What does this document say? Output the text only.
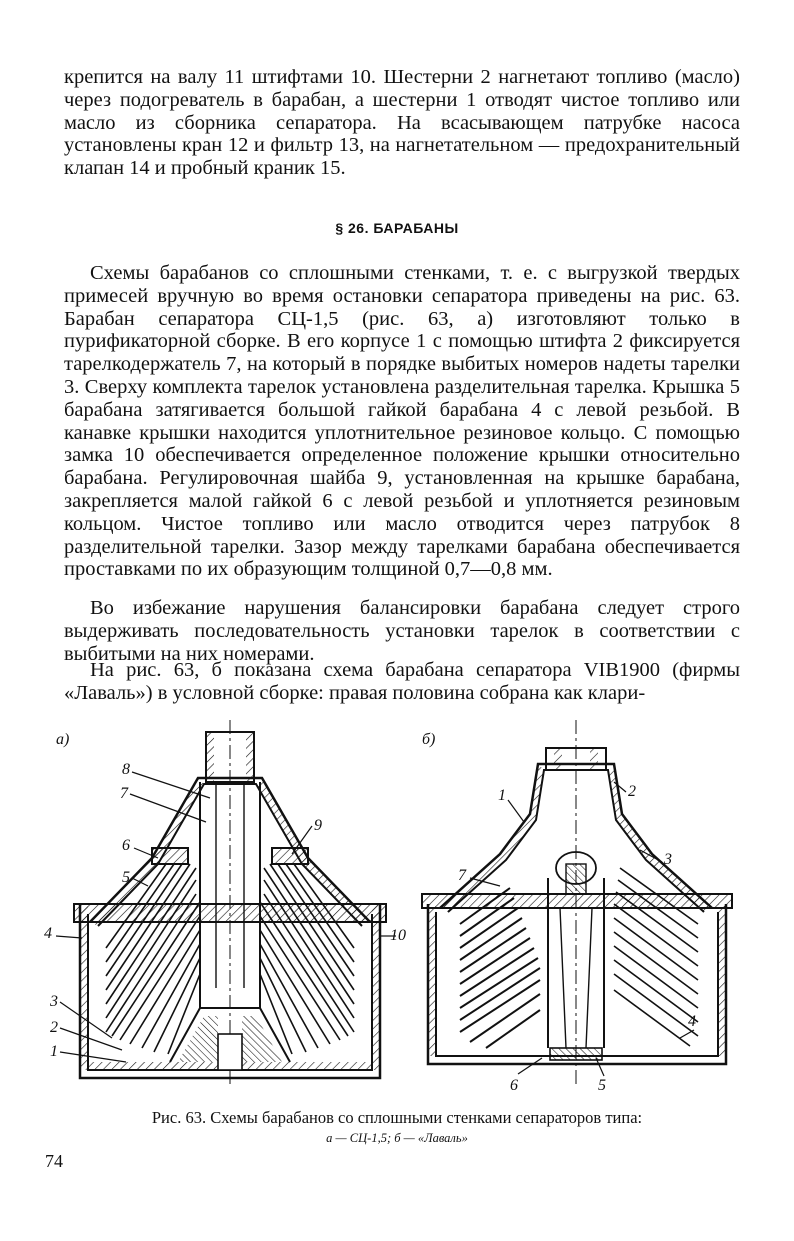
крепится на валу 11 штифтами 10. Шестерни 2 нагнетают топливо (масло) через подогреватель в барабан, а шестерни 1 отводят чистое топливо или масло из сборника сепаратора. На всасывающем патрубке насоса установлены кран 12 и фильтр 13, на нагнетательном — предохранительный клапан 14 и пробный краник 15.

§ 26. БАРАБАНЫ

Схемы барабанов со сплошными стенками, т. е. с выгрузкой твердых примесей вручную во время остановки сепаратора приведены на рис. 63. Барабан сепаратора СЦ-1,5 (рис. 63, а) изготовляют только в пурификаторной сборке. В его корпусе 1 с помощью штифта 2 фиксируется тарелкодержатель 7, на который в порядке выбитых номеров надеты тарелки 3. Сверху комплекта тарелок установлена разделительная тарелка. Крышка 5 барабана затягивается большой гайкой барабана 4 с левой резьбой. В канавке крышки находится уплотнительное резиновое кольцо. С помощью замка 10 обеспечивается определенное положение крышки относительно барабана. Регулировочная шайба 9, установленная на крышке барабана, закрепляется малой гайкой 6 с левой резьбой и уплотняется резиновым кольцом. Чистое топливо или масло отводится через патрубок 8 разделительной тарелки. Зазор между тарелками барабана обеспечивается проставками по их образующим толщиной 0,7—0,8 мм.

Во избежание нарушения балансировки барабана следует строго выдерживать последовательность установки тарелок в соответствии с выбитыми на них номерами.

На рис. 63, б показана схема барабана сепаратора VIB1900 (фирмы «Лаваль») в условной сборке: правая половина собрана как клари-

а)	б)
8
7
6
5
4
3
2
1
9
10
1	2
3
7
4
6	5
Рис. 63. Схемы барабанов со сплошными стенками сепараторов типа:
а — СЦ-1,5; б — «Лаваль»
74
